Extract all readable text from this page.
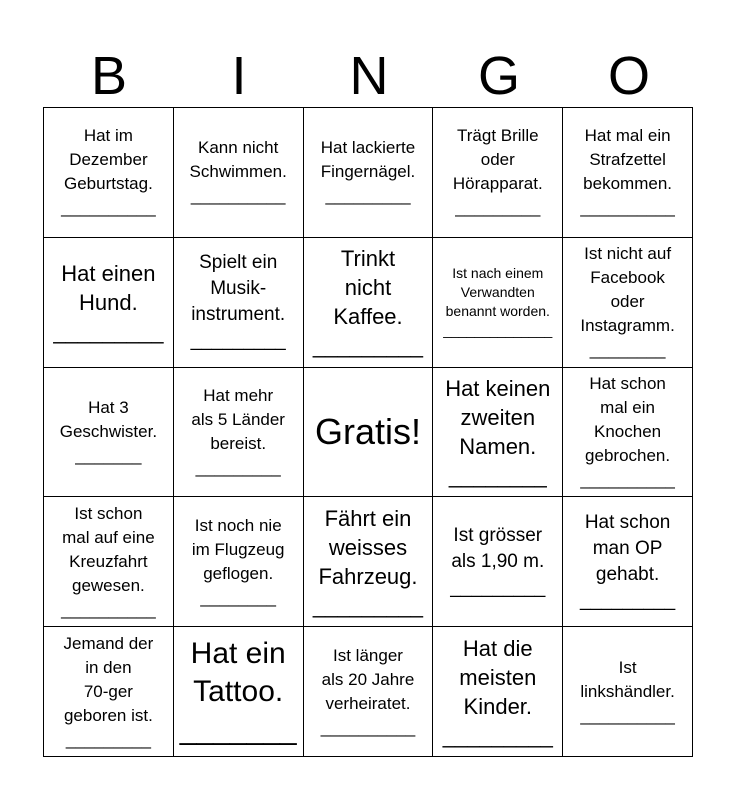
B	I	N	G	O
Hat im
Dezember
Geburtstag.
__________
Kann nicht
Schwimmen.
__________
Hat lackierte
Fingernägel.
_________
Trägt Brille
oder
Hörapparat.
_________
Hat mal ein
Strafzettel
bekommen.
__________
Hat einen
Hund.
_________
Spielt ein
Musik-
instrument.
_________
Trinkt
nicht
Kaffee.
_________
Ist nach einem
Verwandten
benannt worden.
______________
Ist nicht auf
Facebook
oder
Instagramm.
________
Hat 3
Geschwister.
_______
Hat mehr
als 5 Länder
bereist.
_________
Gratis!
Hat keinen
zweiten
Namen.
________
Hat schon
mal ein
Knochen
gebrochen.
__________
Ist schon
mal auf eine
Kreuzfahrt
gewesen.
__________
Ist noch nie
im Flugzeug
geflogen.
________
Fährt ein
weisses
Fahrzeug.
_________
Ist grösser
als 1,90 m.
_________
Hat schon
man OP
gehabt.
_________
Jemand der
in den
70-ger
geboren ist.
_________
Hat ein
Tattoo.
_______
Ist länger
als 20 Jahre
verheiratet.
__________
Hat die
meisten
Kinder.
_________
Ist
linkshändler.
__________
